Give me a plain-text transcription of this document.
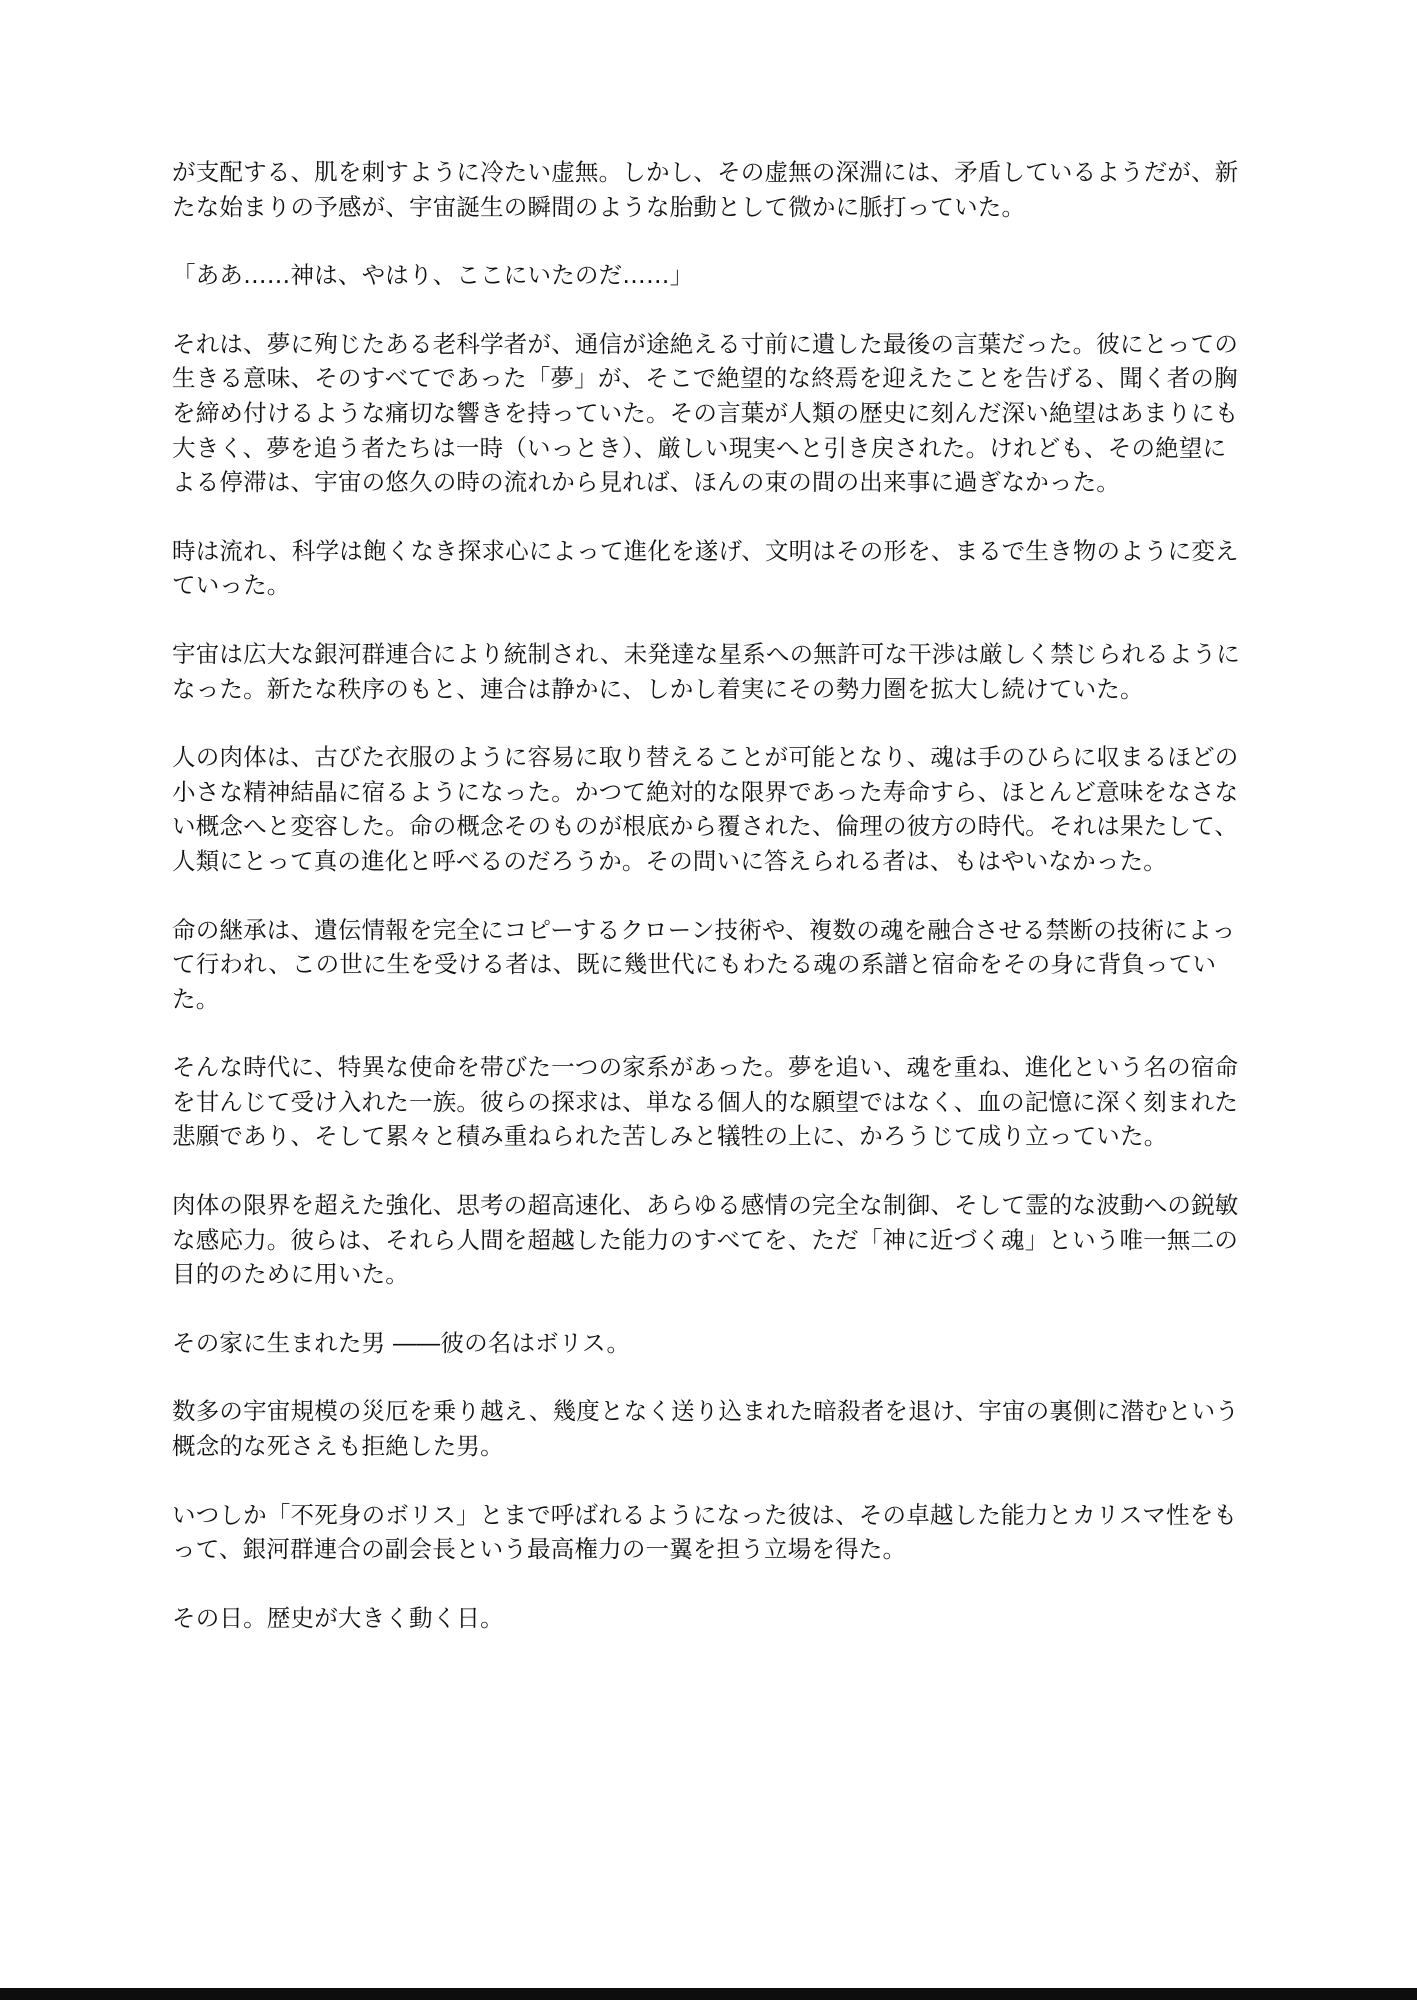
が支配する、肌を刺すように冷たい虚無。しかし、その虚無の深淵には、矛盾しているようだが、新たな始まりの予感が、宇宙誕生の瞬間のような胎動として微かに脈打っていた。

「ああ……神は、やはり、ここにいたのだ……」

それは、夢に殉じたある老科学者が、通信が途絶える寸前に遺した最後の言葉だった。彼にとっての生きる意味、そのすべてであった「夢」が、そこで絶望的な終焉を迎えたことを告げる、聞く者の胸を締め付けるような痛切な響きを持っていた。その言葉が人類の歴史に刻んだ深い絶望はあまりにも大きく、夢を追う者たちは一時（いっとき）、厳しい現実へと引き戻された。けれども、その絶望による停滞は、宇宙の悠久の時の流れから見れば、ほんの束の間の出来事に過ぎなかった。

時は流れ、科学は飽くなき探求心によって進化を遂げ、文明はその形を、まるで生き物のように変えていった。

宇宙は広大な銀河群連合により統制され、未発達な星系への無許可な干渉は厳しく禁じられるようになった。新たな秩序のもと、連合は静かに、しかし着実にその勢力圏を拡大し続けていた。

人の肉体は、古びた衣服のように容易に取り替えることが可能となり、魂は手のひらに収まるほどの小さな精神結晶に宿るようになった。かつて絶対的な限界であった寿命すら、ほとんど意味をなさない概念へと変容した。命の概念そのものが根底から覆された、倫理の彼方の時代。それは果たして、人類にとって真の進化と呼べるのだろうか。その問いに答えられる者は、もはやいなかった。

命の継承は、遺伝情報を完全にコピーするクローン技術や、複数の魂を融合させる禁断の技術によって行われ、この世に生を受ける者は、既に幾世代にもわたる魂の系譜と宿命をその身に背負っていた。

そんな時代に、特異な使命を帯びた一つの家系があった。夢を追い、魂を重ね、進化という名の宿命を甘んじて受け入れた一族。彼らの探求は、単なる個人的な願望ではなく、血の記憶に深く刻まれた悲願であり、そして累々と積み重ねられた苦しみと犠牲の上に、かろうじて成り立っていた。

肉体の限界を超えた強化、思考の超高速化、あらゆる感情の完全な制御、そして霊的な波動への鋭敏な感応力。彼らは、それら人間を超越した能力のすべてを、ただ「神に近づく魂」という唯一無二の目的のために用いた。

その家に生まれた男 ――彼の名はボリス。

数多の宇宙規模の災厄を乗り越え、幾度となく送り込まれた暗殺者を退け、宇宙の裏側に潜むという概念的な死さえも拒絶した男。

いつしか「不死身のボリス」とまで呼ばれるようになった彼は、その卓越した能力とカリスマ性をもって、銀河群連合の副会長という最高権力の一翼を担う立場を得た。

その日。歴史が大きく動く日。
